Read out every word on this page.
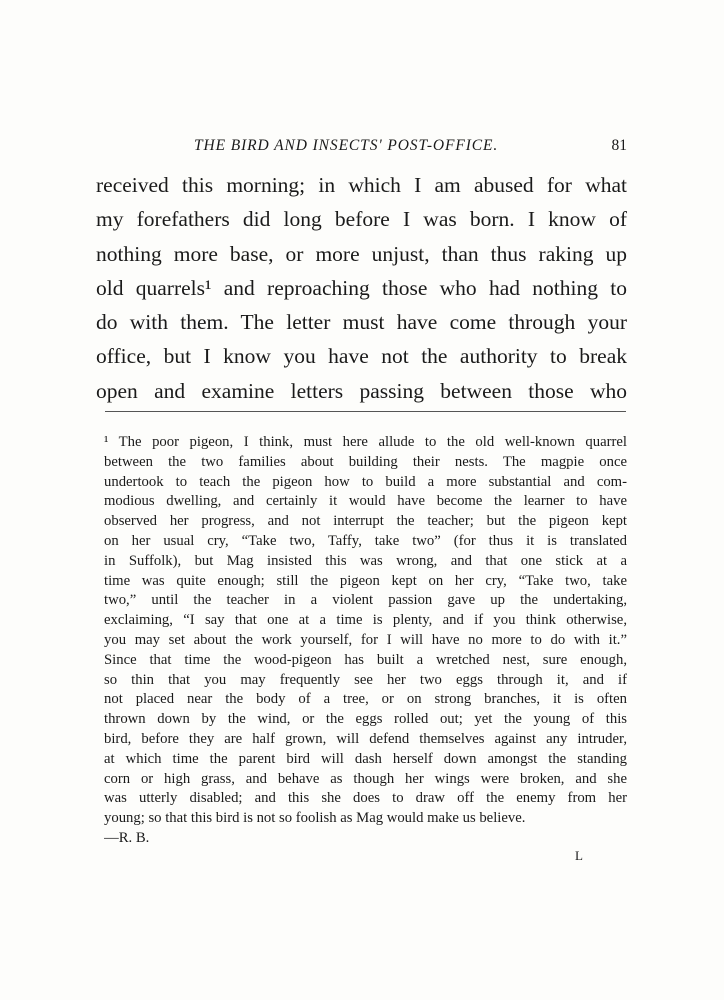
THE BIRD AND INSECTS' POST-OFFICE.	81
received this morning; in which I am abused for what
my forefathers did long before I was born. I know of
nothing more base, or more unjust, than thus raking up
old quarrels¹ and reproaching those who had nothing to
do with them. The letter must have come through your
office, but I know you have not the authority to break
open and examine letters passing between those who
¹ The poor pigeon, I think, must here allude to the old well-known quarrel
between the two families about building their nests. The magpie once
undertook to teach the pigeon how to build a more substantial and com-
modious dwelling, and certainly it would have become the learner to have
observed her progress, and not interrupt the teacher; but the pigeon kept
on her usual cry, “Take two, Taffy, take two” (for thus it is translated
in Suffolk), but Mag insisted this was wrong, and that one stick at a
time was quite enough; still the pigeon kept on her cry, “Take two, take
two,” until the teacher in a violent passion gave up the undertaking,
exclaiming, “I say that one at a time is plenty, and if you think otherwise,
you may set about the work yourself, for I will have no more to do with it.”
Since that time the wood-pigeon has built a wretched nest, sure enough,
so thin that you may frequently see her two eggs through it, and if
not placed near the body of a tree, or on strong branches, it is often
thrown down by the wind, or the eggs rolled out; yet the young of this
bird, before they are half grown, will defend themselves against any intruder,
at which time the parent bird will dash herself down amongst the standing
corn or high grass, and behave as though her wings were broken, and she
was utterly disabled; and this she does to draw off the enemy from her
young; so that this bird is not so foolish as Mag would make us believe.
—R. B.
L
